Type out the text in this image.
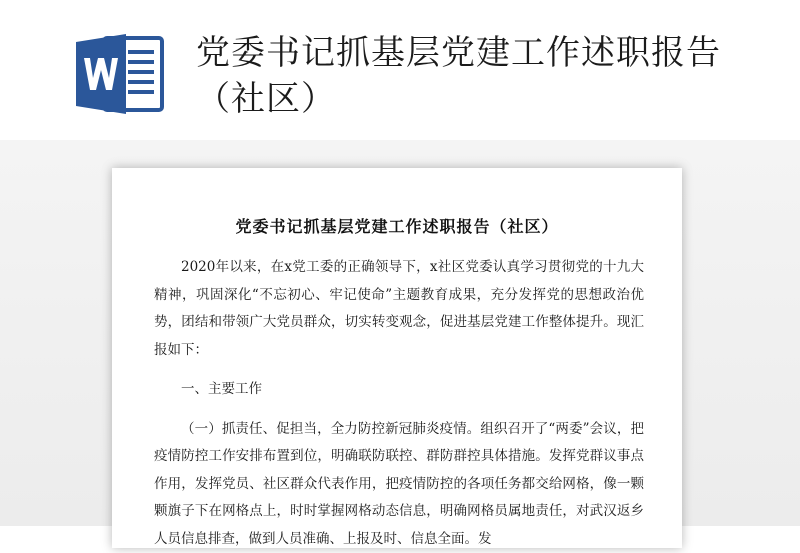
党委书记抓基层党建工作述职报告（社区）
党委书记抓基层党建工作述职报告（社区）

2020年以来，在x党工委的正确领导下，x社区党委认真学习贯彻党的十九大精神，巩固深化“不忘初心、牢记使命”主题教育成果，充分发挥党的思想政治优势，团结和带领广大党员群众，切实转变观念，促进基层党建工作整体提升。现汇报如下：

一、主要工作

（一）抓责任、促担当，全力防控新冠肺炎疫情。组织召开了“两委”会议，把疫情防控工作安排布置到位，明确联防联控、群防群控具体措施。发挥党群议事点作用，发挥党员、社区群众代表作用，把疫情防控的各项任务都交给网格，像一颗颗旗子下在网格点上，时时掌握网格动态信息，明确网格员属地责任，对武汉返乡人员信息排查，做到人员准确、上报及时、信息全面。发
